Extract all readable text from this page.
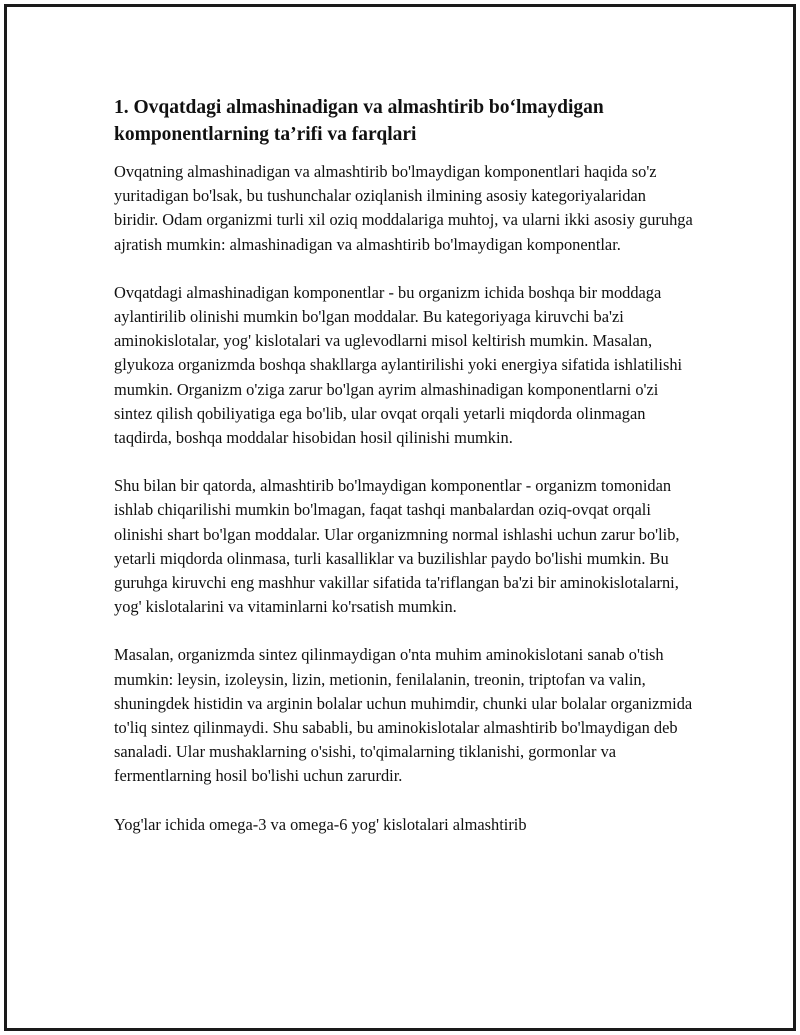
1. Ovqatdagi almashinadigan va almashtirib bo‘lmaydigan komponentlarning ta’rifi va farqlari

Ovqatning almashinadigan va almashtirib bo'lmaydigan komponentlari haqida so'z yuritadigan bo'lsak, bu tushunchalar oziqlanish ilmining asosiy kategoriyalaridan biridir. Odam organizmi turli xil oziq moddalariga muhtoj, va ularni ikki asosiy guruhga ajratish mumkin: almashinadigan va almashtirib bo'lmaydigan komponentlar.

Ovqatdagi almashinadigan komponentlar - bu organizm ichida boshqa bir moddaga aylantirilib olinishi mumkin bo'lgan moddalar. Bu kategoriyaga kiruvchi ba'zi aminokislotalar, yog' kislotalari va uglevodlarni misol keltirish mumkin. Masalan, glyukoza organizmda boshqa shakllarga aylantirilishi yoki energiya sifatida ishlatilishi mumkin. Organizm o'ziga zarur bo'lgan ayrim almashinadigan komponentlarni o'zi sintez qilish qobiliyatiga ega bo'lib, ular ovqat orqali yetarli miqdorda olinmagan taqdirda, boshqa moddalar hisobidan hosil qilinishi mumkin.

Shu bilan bir qatorda, almashtirib bo'lmaydigan komponentlar - organizm tomonidan ishlab chiqarilishi mumkin bo'lmagan, faqat tashqi manbalardan oziq-ovqat orqali olinishi shart bo'lgan moddalar. Ular organizmning normal ishlashi uchun zarur bo'lib, yetarli miqdorda olinmasa, turli kasalliklar va buzilishlar paydo bo'lishi mumkin. Bu guruhga kiruvchi eng mashhur vakillar sifatida ta'riflangan ba'zi bir aminokislotalarni, yog' kislotalarini va vitaminlarni ko'rsatish mumkin.

Masalan, organizmda sintez qilinmaydigan o'nta muhim aminokislotani sanab o'tish mumkin: leysin, izoleysin, lizin, metionin, fenilalanin, treonin, triptofan va valin, shuningdek histidin va arginin bolalar uchun muhimdir, chunki ular bolalar organizmida to'liq sintez qilinmaydi. Shu sababli, bu aminokislotalar almashtirib bo'lmaydigan deb sanaladi. Ular mushaklarning o'sishi, to'qimalarning tiklanishi, gormonlar va fermentlarning hosil bo'lishi uchun zarurdir.

Yog'lar ichida omega-3 va omega-6 yog' kislotalari almashtirib
